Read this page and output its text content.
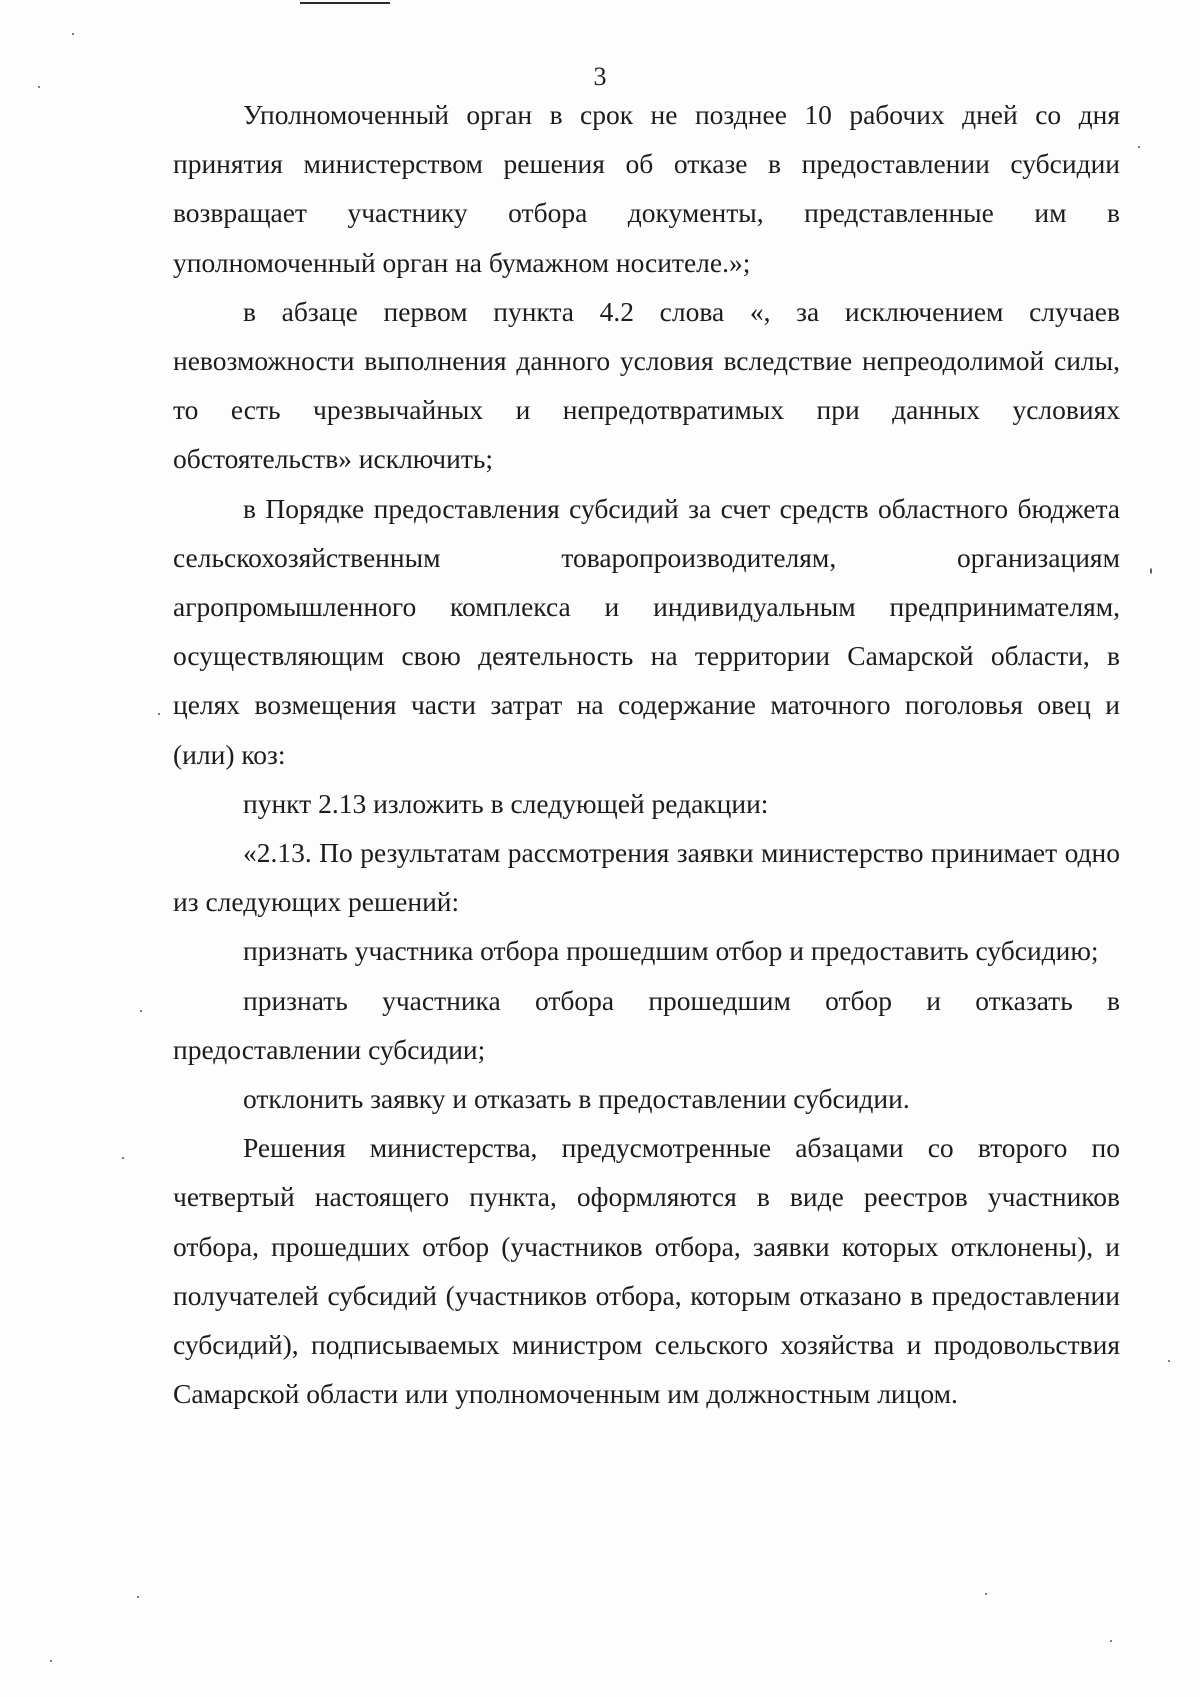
3

Уполномоченный орган в срок не позднее 10 рабочих дней со дня принятия министерством решения об отказе в предоставлении субсидии возвращает участнику отбора документы, представленные им в уполномоченный орган на бумажном носителе.»;

в абзаце первом пункта 4.2 слова «, за исключением случаев невозможности выполнения данного условия вследствие непреодолимой силы, то есть чрезвычайных и непредотвратимых при данных условиях обстоятельств» исключить;

в Порядке предоставления субсидий за счет средств областного бюджета сельскохозяйственным товаропроизводителям, организациям агропромышленного комплекса и индивидуальным предпринимателям, осуществляющим свою деятельность на территории Самарской области, в целях возмещения части затрат на содержание маточного поголовья овец и (или) коз:

пункт 2.13 изложить в следующей редакции:

«2.13. По результатам рассмотрения заявки министерство принимает одно из следующих решений:

признать участника отбора прошедшим отбор и предоставить субсидию;

признать участника отбора прошедшим отбор и отказать в предоставлении субсидии;

отклонить заявку и отказать в предоставлении субсидии.

Решения министерства, предусмотренные абзацами со второго по четвертый настоящего пункта, оформляются в виде реестров участников отбора, прошедших отбор (участников отбора, заявки которых отклонены), и получателей субсидий (участников отбора, которым отказано в предоставлении субсидий), подписываемых министром сельского хозяйства и продовольствия Самарской области или уполномоченным им должностным лицом.
